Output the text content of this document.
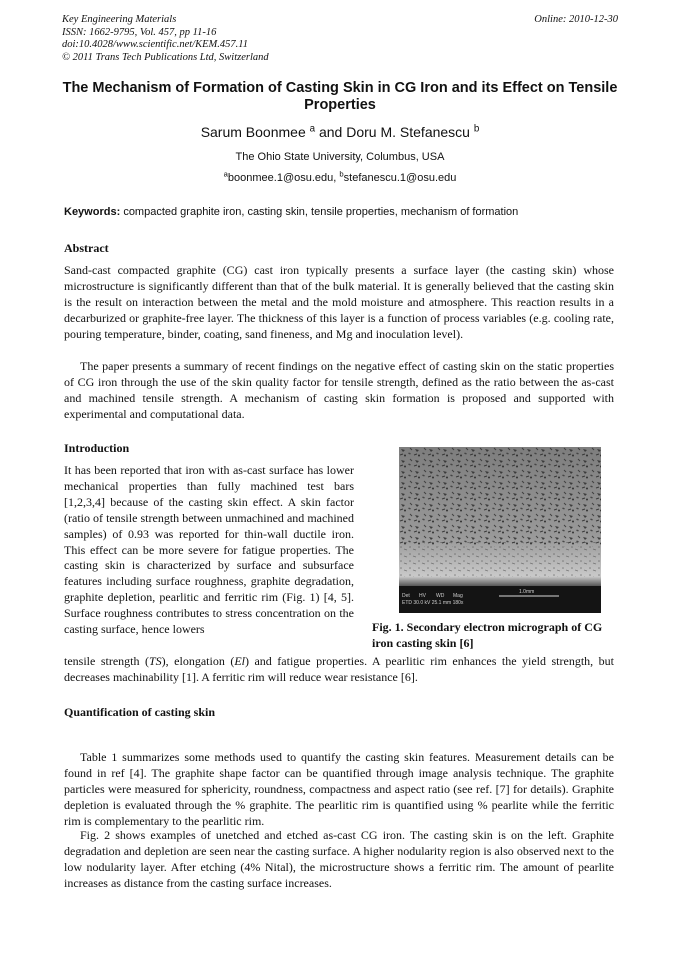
Key Engineering Materials
ISSN: 1662-9795, Vol. 457, pp 11-16
doi:10.4028/www.scientific.net/KEM.457.11
© 2011 Trans Tech Publications Ltd, Switzerland
Online: 2010-12-30
The Mechanism of Formation of Casting Skin in CG Iron and its Effect on Tensile Properties
Sarum Boonmee $^a$ and Doru M. Stefanescu $^b$
The Ohio State University, Columbus, USA
$^a$boonmee.1@osu.edu, $^b$stefanescu.1@osu.edu
Keywords: compacted graphite iron, casting skin, tensile properties, mechanism of formation
Abstract

Sand-cast compacted graphite (CG) cast iron typically presents a surface layer (the casting skin) whose microstructure is significantly different than that of the bulk material. It is generally believed that the casting skin is the result on interaction between the metal and the mold moisture and atmosphere. This reaction results in a decarburized or graphite-free layer. The thickness of this layer is a function of process variables (e.g. cooling rate, pouring temperature, binder, coating, sand fineness, and Mg and inoculation level).

The paper presents a summary of recent findings on the negative effect of casting skin on the static properties of CG iron through the use of the skin quality factor for tensile strength, defined as the ratio between the as-cast and machined tensile strength. A mechanism of casting skin formation is proposed and supported with experimental and computational data.

Introduction

It has been reported that iron with as-cast surface has lower mechanical properties than fully machined test bars [1,2,3,4] because of the casting skin effect. A skin factor (ratio of tensile strength between unmachined and machined samples) of 0.93 was reported for thin-wall ductile iron. This effect can be more severe for fatigue properties. The casting skin is characterized by surface and subsurface features including surface roughness, graphite degradation, graphite depletion, pearlitic and ferritic rim (Fig. 1) [4, 5]. Surface roughness contributes to stress concentration on the casting surface, hence lowers

Det HV WD Mag
ETD 30.0 kV 25.1 mm 180x
1.0mm
Fig. 1. Secondary electron micrograph of CG iron casting skin [6]

tensile strength (TS), elongation (El) and fatigue properties. A pearlitic rim enhances the yield strength, but decreases machinability [1]. A ferritic rim will reduce wear resistance [6].

Quantification of casting skin

Table 1 summarizes some methods used to quantify the casting skin features. Measurement details can be found in ref [4]. The graphite shape factor can be quantified through image analysis technique. The graphite particles were measured for sphericity, roundness, compactness and aspect ratio (see ref. [7] for details). Graphite depletion is evaluated through the % graphite. The pearlitic rim is quantified using % pearlite while the ferritic rim is complementary to the pearlitic rim.

Fig. 2 shows examples of unetched and etched as-cast CG iron. The casting skin is on the left. Graphite degradation and depletion are seen near the casting surface. A higher nodularity region is also observed next to the low nodularity layer. After etching (4% Nital), the microstructure shows a ferritic rim. The amount of pearlite increases as distance from the casting surface increases.
